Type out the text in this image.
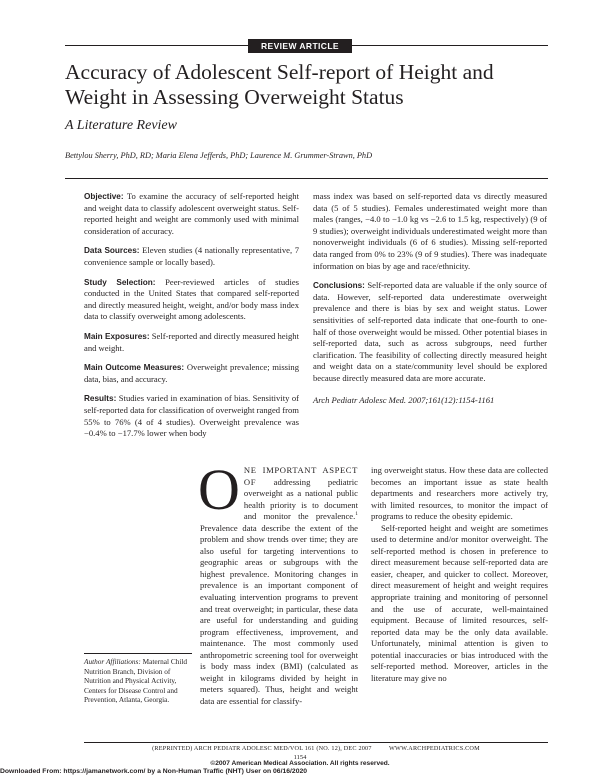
REVIEW ARTICLE
Accuracy of Adolescent Self-report of Height and Weight in Assessing Overweight Status
A Literature Review
Bettylou Sherry, PhD, RD; Maria Elena Jefferds, PhD; Laurence M. Grummer-Strawn, PhD

Objective: To examine the accuracy of self-reported height and weight data to classify adolescent overweight status. Self-reported height and weight are commonly used with minimal consideration of accuracy.

Data Sources: Eleven studies (4 nationally representative, 7 convenience sample or locally based).

Study Selection: Peer-reviewed articles of studies conducted in the United States that compared self-reported and directly measured height, weight, and/or body mass index data to classify overweight among adolescents.

Main Exposures: Self-reported and directly measured height and weight.

Main Outcome Measures: Overweight prevalence; missing data, bias, and accuracy.

Results: Studies varied in examination of bias. Sensitivity of self-reported data for classification of overweight ranged from 55% to 76% (4 of 4 studies). Overweight prevalence was −0.4% to −17.7% lower when body

mass index was based on self-reported data vs directly measured data (5 of 5 studies). Females underestimated weight more than males (ranges, −4.0 to −1.0 kg vs −2.6 to 1.5 kg, respectively) (9 of 9 studies); overweight individuals underestimated weight more than nonoverweight individuals (6 of 6 studies). Missing self-reported data ranged from 0% to 23% (9 of 9 studies). There was inadequate information on bias by age and race/ethnicity.

Conclusions: Self-reported data are valuable if the only source of data. However, self-reported data underestimate overweight prevalence and there is bias by sex and weight status. Lower sensitivities of self-reported data indicate that one-fourth to one-half of those overweight would be missed. Other potential biases in self-reported data, such as across subgroups, need further clarification. The feasibility of collecting directly measured height and weight data on a state/community level should be explored because directly measured data are more accurate.

Arch Pediatr Adolesc Med. 2007;161(12):1154-1161

ONE IMPORTANT ASPECT OF addressing pediatric overweight as a national public health priority is to document and monitor the prevalence.$^1$ Prevalence data describe the extent of the problem and show trends over time; they are also useful for targeting interventions to geographic areas or subgroups with the highest prevalence. Monitoring changes in prevalence is an important component of evaluating intervention programs to prevent and treat overweight; in particular, these data are useful for understanding and guiding program effectiveness, improvement, and maintenance. The most commonly used anthropometric screening tool for overweight is body mass index (BMI) (calculated as weight in kilograms divided by height in meters squared). Thus, height and weight data are essential for classify-

ing overweight status. How these data are collected becomes an important issue as state health departments and researchers more actively try, with limited resources, to monitor the impact of programs to reduce the obesity epidemic.

Self-reported height and weight are sometimes used to determine and/or monitor overweight. The self-reported method is chosen in preference to direct measurement because self-reported data are easier, cheaper, and quicker to collect. Moreover, direct measurement of height and weight requires appropriate training and monitoring of personnel and the use of accurate, well-maintained equipment. Because of limited resources, self-reported data may be the only data available. Unfortunately, minimal attention is given to potential inaccuracies or bias introduced with the self-reported method. Moreover, articles in the literature may give no

Author Affiliations: Maternal Child Nutrition Branch, Division of Nutrition and Physical Activity, Centers for Disease Control and Prevention, Atlanta, Georgia.
(REPRINTED) ARCH PEDIATR ADOLESC MED/VOL 161 (NO. 12), DEC 2007          WWW.ARCHPEDIATRICS.COM
1154
©2007 American Medical Association. All rights reserved.
Downloaded From: https://jamanetwork.com/ by a Non-Human Traffic (NHT) User on 06/16/2020
